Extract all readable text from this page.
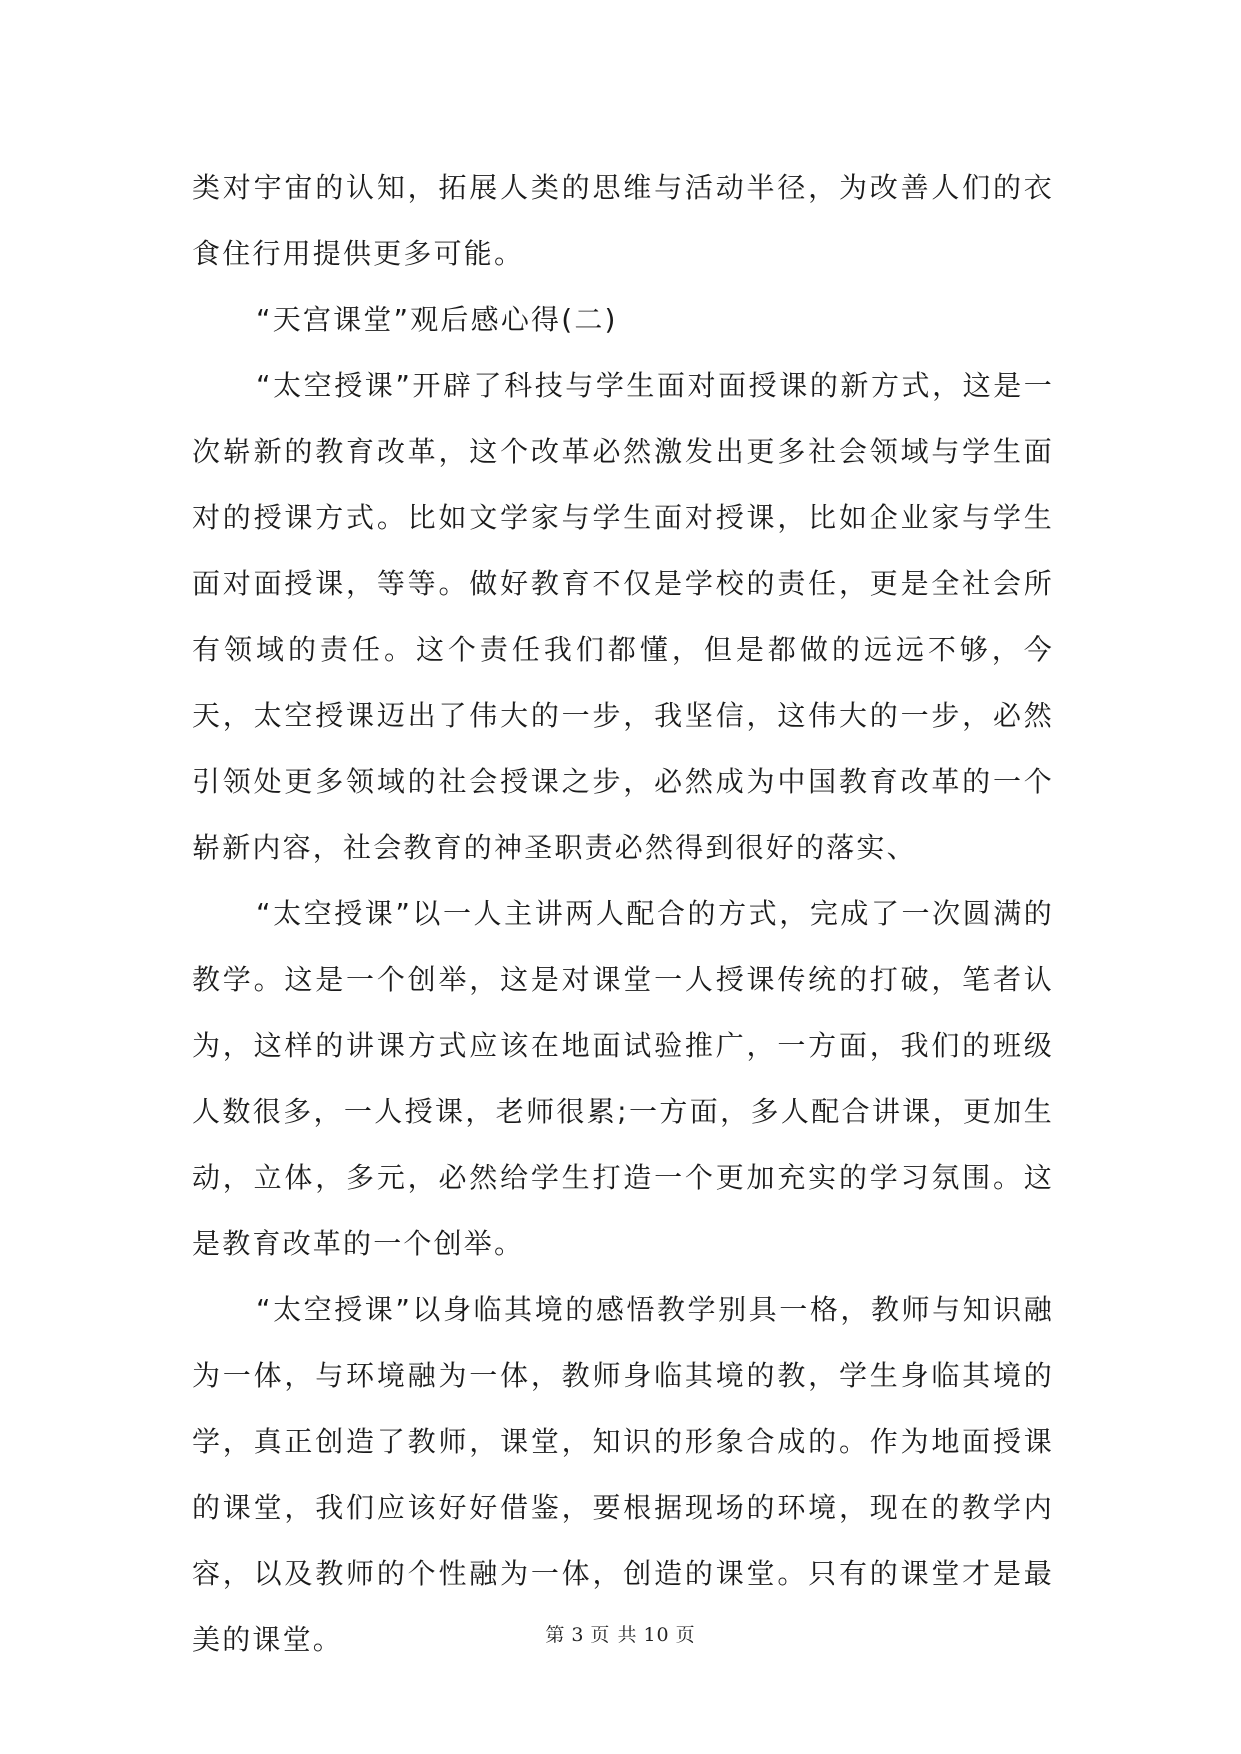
类对宇宙的认知，拓展人类的思维与活动半径，为改善人们的衣食住行用提供更多可能。

“天宫课堂”观后感心得(二)

“太空授课”开辟了科技与学生面对面授课的新方式，这是一次崭新的教育改革，这个改革必然激发出更多社会领域与学生面对的授课方式。比如文学家与学生面对授课，比如企业家与学生面对面授课，等等。做好教育不仅是学校的责任，更是全社会所有领域的责任。这个责任我们都懂，但是都做的远远不够，今天，太空授课迈出了伟大的一步，我坚信，这伟大的一步，必然引领处更多领域的社会授课之步，必然成为中国教育改革的一个崭新内容，社会教育的神圣职责必然得到很好的落实、

“太空授课”以一人主讲两人配合的方式，完成了一次圆满的教学。这是一个创举，这是对课堂一人授课传统的打破，笔者认为，这样的讲课方式应该在地面试验推广，一方面，我们的班级人数很多，一人授课，老师很累;一方面，多人配合讲课，更加生动，立体，多元，必然给学生打造一个更加充实的学习氛围。这是教育改革的一个创举。

“太空授课”以身临其境的感悟教学别具一格，教师与知识融为一体，与环境融为一体，教师身临其境的教，学生身临其境的学，真正创造了教师，课堂，知识的形象合成的。作为地面授课的课堂，我们应该好好借鉴，要根据现场的环境，现在的教学内容，以及教师的个性融为一体，创造的课堂。只有的课堂才是最美的课堂。	第 3 页 共 10 页
